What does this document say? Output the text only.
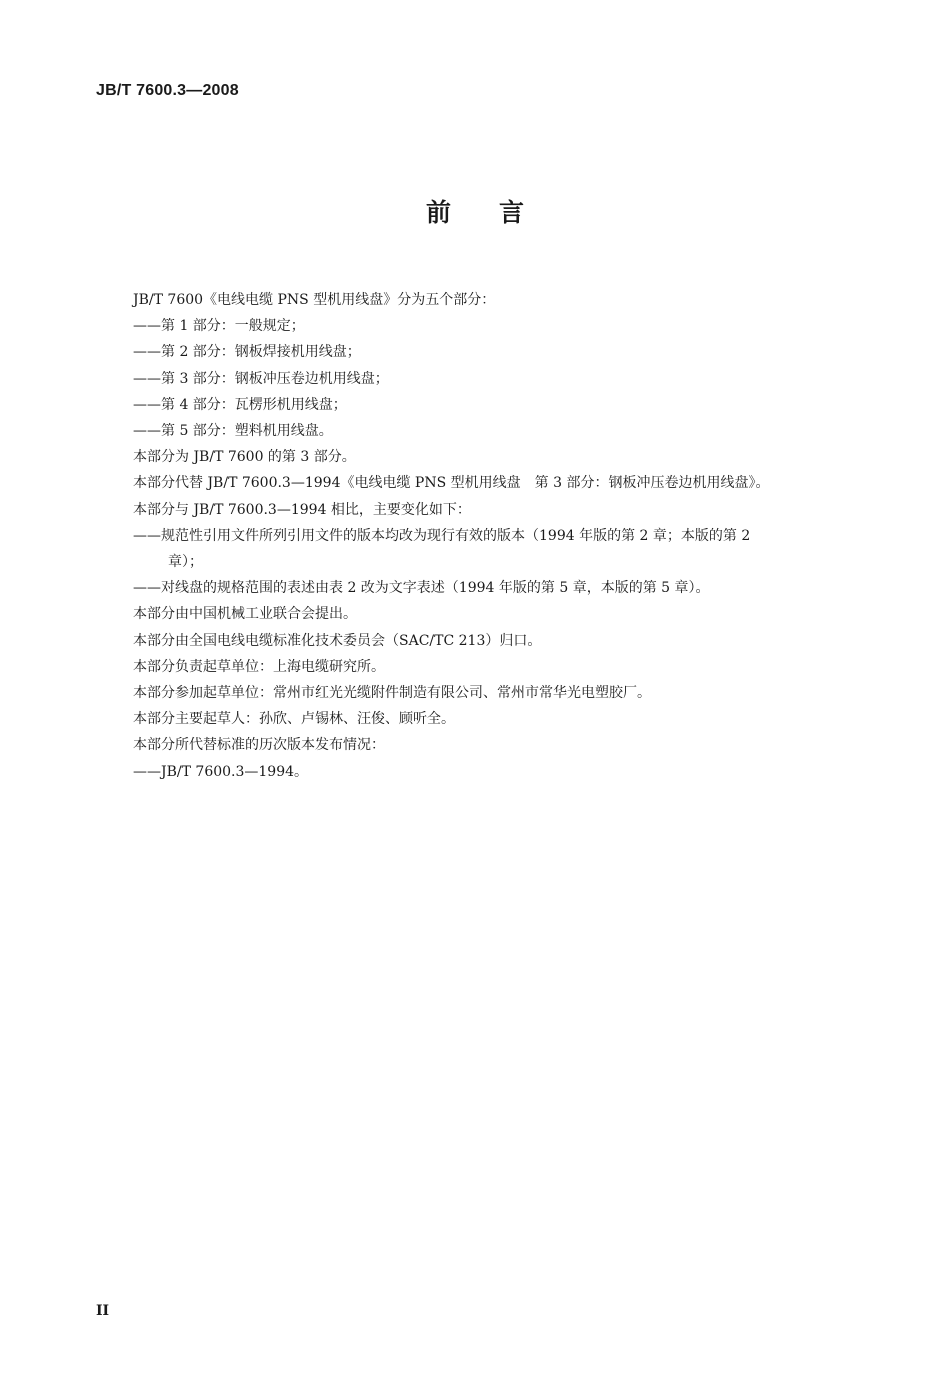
JB/T 7600.3—2008
前言
JB/T 7600《电线电缆 PNS 型机用线盘》分为五个部分：
——第 1 部分：一般规定；
——第 2 部分：钢板焊接机用线盘；
——第 3 部分：钢板冲压卷边机用线盘；
——第 4 部分：瓦楞形机用线盘；
——第 5 部分：塑料机用线盘。
本部分为 JB/T 7600 的第 3 部分。
本部分代替 JB/T 7600.3—1994《电线电缆 PNS 型机用线盘　第 3 部分：钢板冲压卷边机用线盘》。
本部分与 JB/T 7600.3—1994 相比，主要变化如下：
——规范性引用文件所列引用文件的版本均改为现行有效的版本（1994 年版的第 2 章；本版的第 2
章）；
——对线盘的规格范围的表述由表 2 改为文字表述（1994 年版的第 5 章，本版的第 5 章）。
本部分由中国机械工业联合会提出。
本部分由全国电线电缆标准化技术委员会（SAC/TC 213）归口。
本部分负责起草单位：上海电缆研究所。
本部分参加起草单位：常州市红光光缆附件制造有限公司、常州市常华光电塑胶厂。
本部分主要起草人：孙欣、卢锡林、汪俊、顾听全。
本部分所代替标准的历次版本发布情况：
——JB/T 7600.3—1994。
II
